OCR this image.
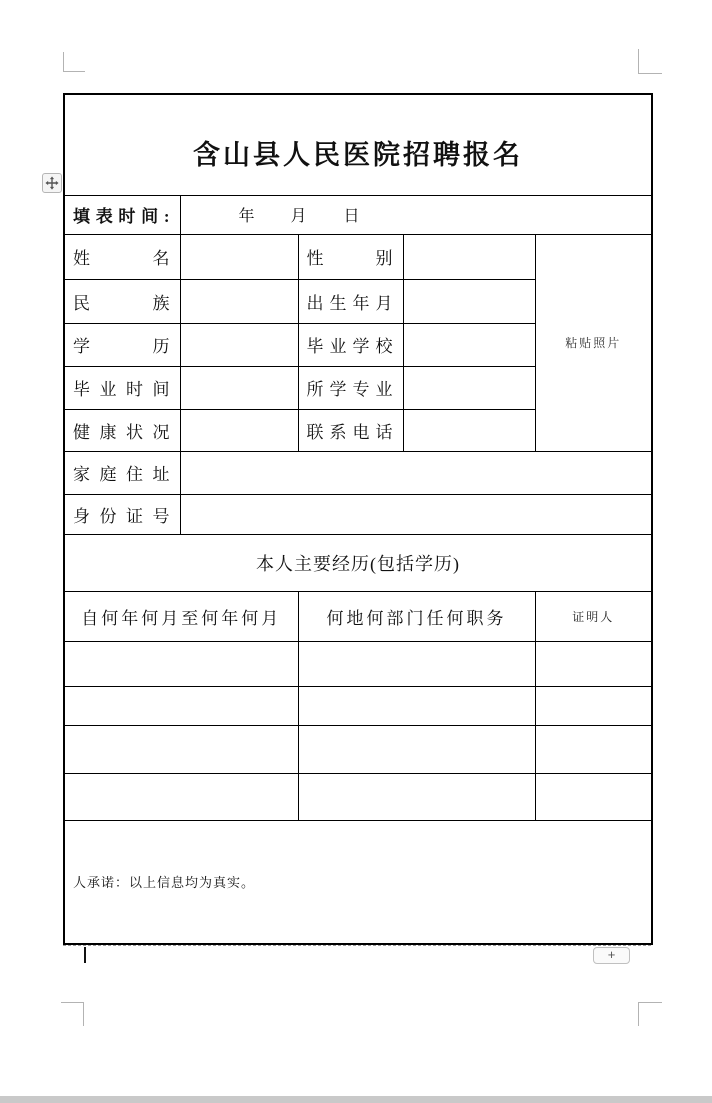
含山县人民医院招聘报名				
填表时间:	年 月 日			
姓名		性别		粘贴照片
民族		出生年月		
学历		毕业学校		
毕业时间		所学专业		
健康状况		联系电话		
家庭住址				
身份证号				
本人主要经历(包括学历)				
自何年何月至何年何月		何地何部门任何职务		证明人

人承诺：以上信息均为真实。				
+
